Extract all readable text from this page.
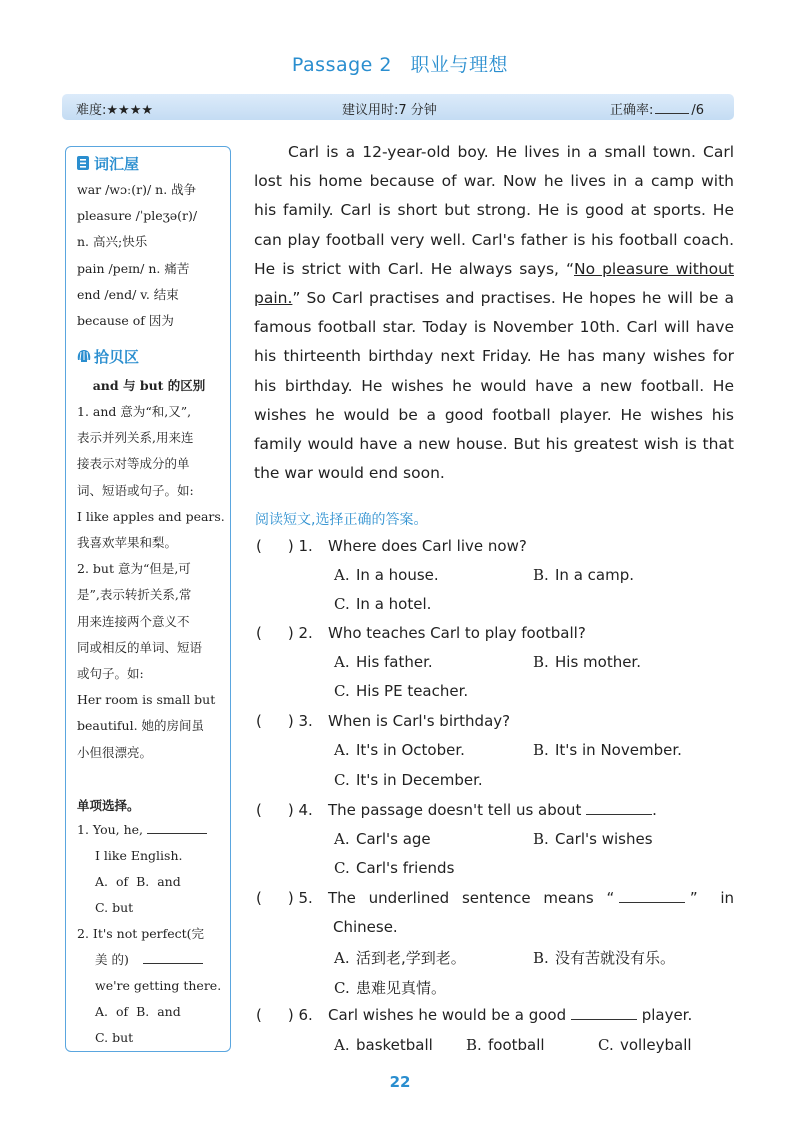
Passage 2 职业与理想
难度:★★★★	建议用时:7 分钟	正确率:	/6
词汇屋
war /wɔː(r)/ n. 战争
pleasure /ˈpleʒə(r)/
n. 高兴;快乐
pain /peɪn/ n. 痛苦
end /end/ v. 结束
because of 因为
拾贝区
and 与 but 的区别
1. and 意为“和,又”,
表示并列关系,用来连
接表示对等成分的单
词、短语或句子。如:
I like apples and pears.
我喜欢苹果和梨。
2. but 意为“但是,可
是”,表示转折关系,常
用来连接两个意义不
同或相反的单词、短语
或句子。如:
Her room is small but
beautiful. 她的房间虽
小但很漂亮。
单项选择。
1. You, he,
I like English.
A. of B. and
C. but
2. It's not perfect(完
美 的)
we're getting there.
A. of B. and
C. but

Carl is a 12-year-old boy. He lives in a small town. Carl lost his home because of war. Now he lives in a camp with his family. Carl is short but strong. He is good at sports. He can play football very well. Carl's father is his football coach. He is strict with Carl. He always says, “No pleasure without pain.” So Carl practises and practises. He hopes he will be a famous football star. Today is November 10th. Carl will have his thirteenth birthday next Friday. He has many wishes for his birthday. He wishes he would have a new football. He wishes he would be a good football player. He wishes his family would have a new house. But his greatest wish is that the war would end soon.

阅读短文,选择正确的答案。
( ) 1. Where does Carl live now?
A. In a house.	B. In a camp.
C. In a hotel.
( ) 2. Who teaches Carl to play football?
A. His father.	B. His mother.
C. His PE teacher.
( ) 3. When is Carl's birthday?
A. It's in October.	B. It's in November.
C. It's in December.
( ) 4. The passage doesn't tell us about	.
A. Carl's age	B. Carl's wishes
C. Carl's friends
( ) 5. The underlined sentence means “	” in
Chinese.
A. 活到老,学到老。	B. 没有苦就没有乐。
C. 患难见真情。
( ) 6. Carl wishes he would be a good	player.
A. basketball B. football	C. volleyball
22
